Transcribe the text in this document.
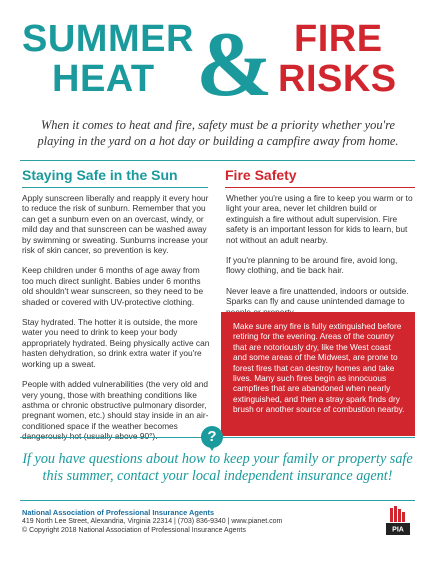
SUMMER
HEAT & FIRE
RISKS
When it comes to heat and fire, safety must be a priority whether you're playing in the yard on a hot day or building a campfire away from home.
Staying Safe in the Sun	Fire Safety

Apply sunscreen liberally and reapply it every hour to reduce the risk of sunburn. Remember that you can get a sunburn even on an overcast, windy, or mild day and that sunscreen can be washed away by swimming or sweating. Sunburns increase your risk of skin cancer, so prevention is key.

Keep children under 6 months of age away from too much direct sunlight. Babies under 6 months old shouldn't wear sunscreen, so they need to be shaded or covered with UV-protective clothing.

Stay hydrated. The hotter it is outside, the more water you need to drink to keep your body appropriately hydrated. Being physically active can hasten dehydration, so drink extra water if you're working up a sweat.

People with added vulnerabilities (the very old and very young, those with breathing conditions like asthma or chronic obstructive pulmonary disorder, pregnant women, etc.) should stay inside in an air-conditioned space if the weather becomes

Whether you're using a fire to keep you warm or to light your area, never let children build or extinguish a fire without adult supervision. Fire safety is an important lesson for kids to learn, but not without an adult nearby.

If you're planning to be around fire, avoid long, flowy clothing, and tie back hair.

Never leave a fire unattended, indoors or outside. Sparks can fly and cause unintended damage to

Make sure any fire is fully extinguished before retiring for the evening. Areas of the country that are notoriously dry, like the West coast and some areas of the Midwest, are prone to forest fires that can destroy homes and take lives. Many such fires begin as innocuous campfires that are abandoned when nearly extinguished, and then a stray spark finds dry brush or another source of combustion nearby.
?
If you have questions about how to keep your family or property safe this summer, contact your local independent insurance agent!
National Association of Professional Insurance Agents
419 North Lee Street, Alexandria, Virginia 22314 | (703) 836-9340 | www.pianet.com
© Copyright 2018 National Association of Professional Insurance Agents	PIA
